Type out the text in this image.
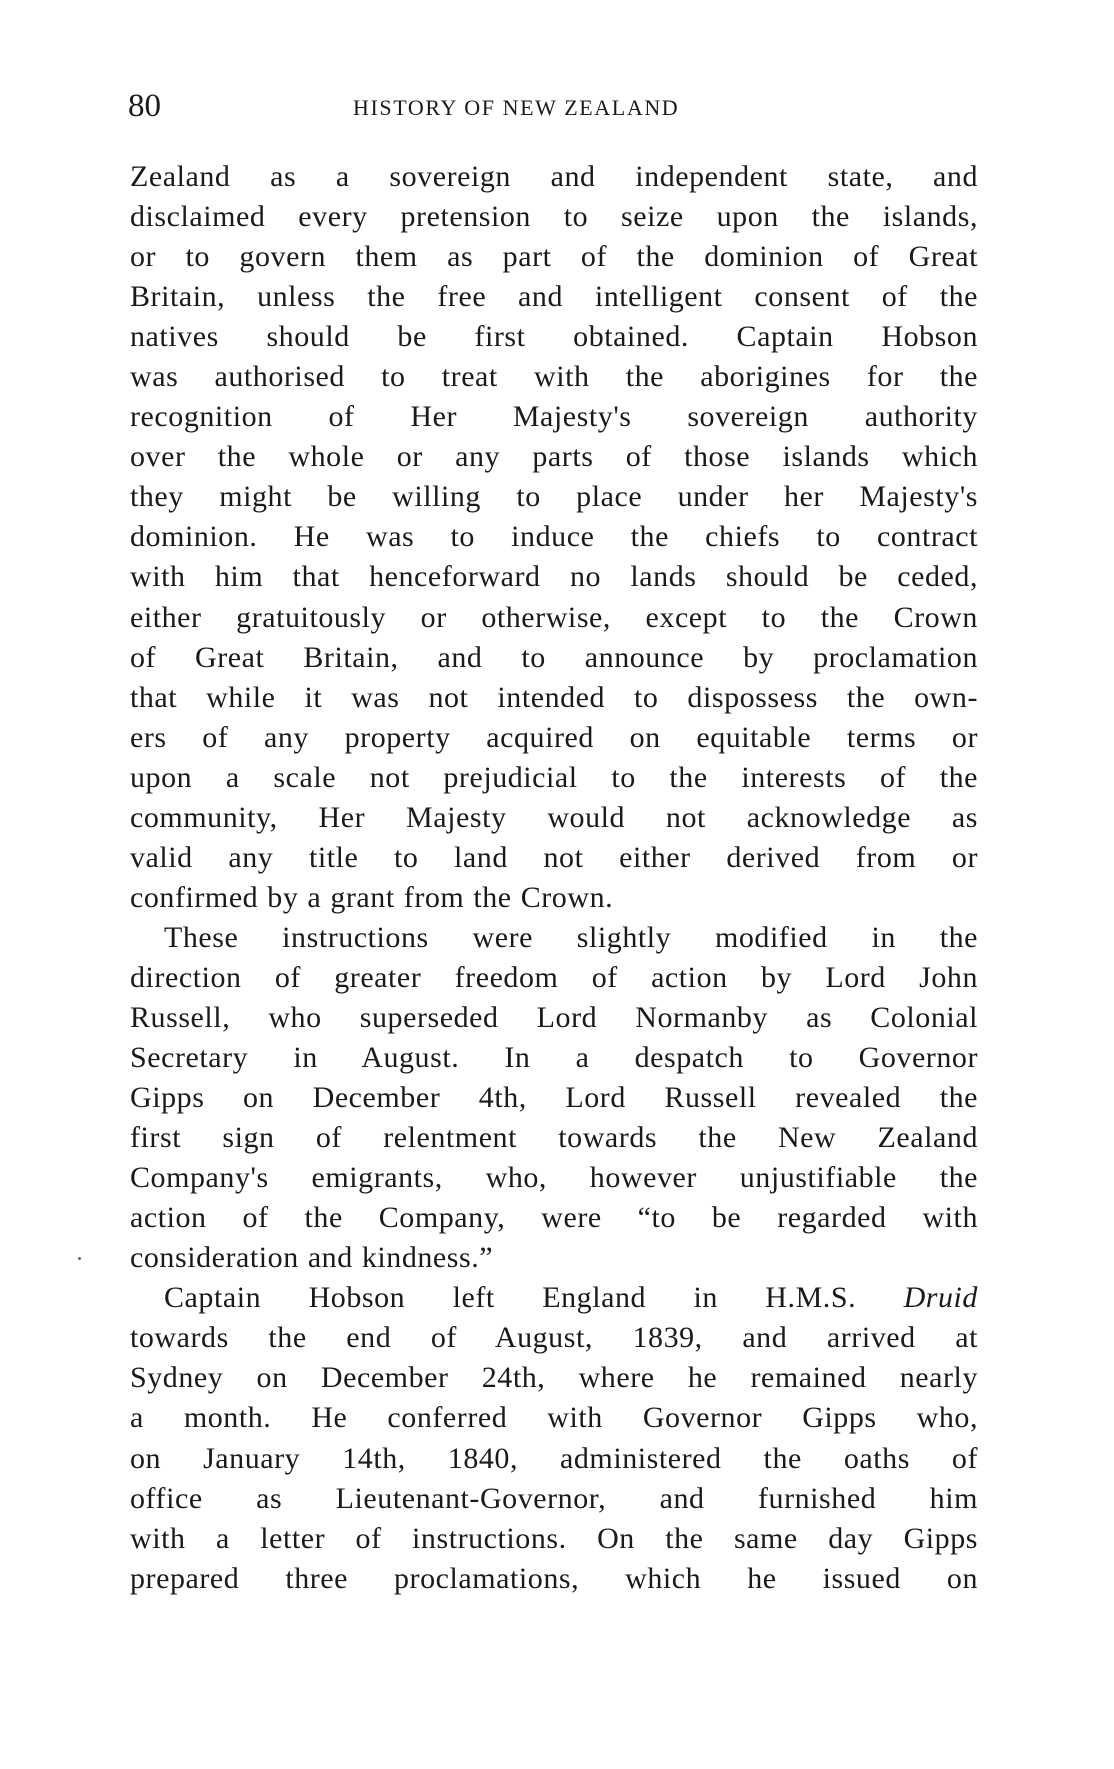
80	HISTORY OF NEW ZEALAND
Zealand as a sovereign and independent state, and
disclaimed every pretension to seize upon the islands,
or to govern them as part of the dominion of Great
Britain, unless the free and intelligent consent of the
natives should be first obtained. Captain Hobson
was authorised to treat with the aborigines for the
recognition of Her Majesty's sovereign authority
over the whole or any parts of those islands which
they might be willing to place under her Majesty's
dominion. He was to induce the chiefs to contract
with him that henceforward no lands should be ceded,
either gratuitously or otherwise, except to the Crown
of Great Britain, and to announce by proclamation
that while it was not intended to dispossess the own-
ers of any property acquired on equitable terms or
upon a scale not prejudicial to the interests of the
community, Her Majesty would not acknowledge as
valid any title to land not either derived from or
confirmed by a grant from the Crown.
These instructions were slightly modified in the
direction of greater freedom of action by Lord John
Russell, who superseded Lord Normanby as Colonial
Secretary in August. In a despatch to Governor
Gipps on December 4th, Lord Russell revealed the
first sign of relentment towards the New Zealand
Company's emigrants, who, however unjustifiable the
action of the Company, were “to be regarded with
consideration and kindness.”
Captain Hobson left England in H.M.S. Druid
towards the end of August, 1839, and arrived at
Sydney on December 24th, where he remained nearly
a month. He conferred with Governor Gipps who,
on January 14th, 1840, administered the oaths of
office as Lieutenant-Governor, and furnished him
with a letter of instructions. On the same day Gipps
prepared three proclamations, which he issued on
